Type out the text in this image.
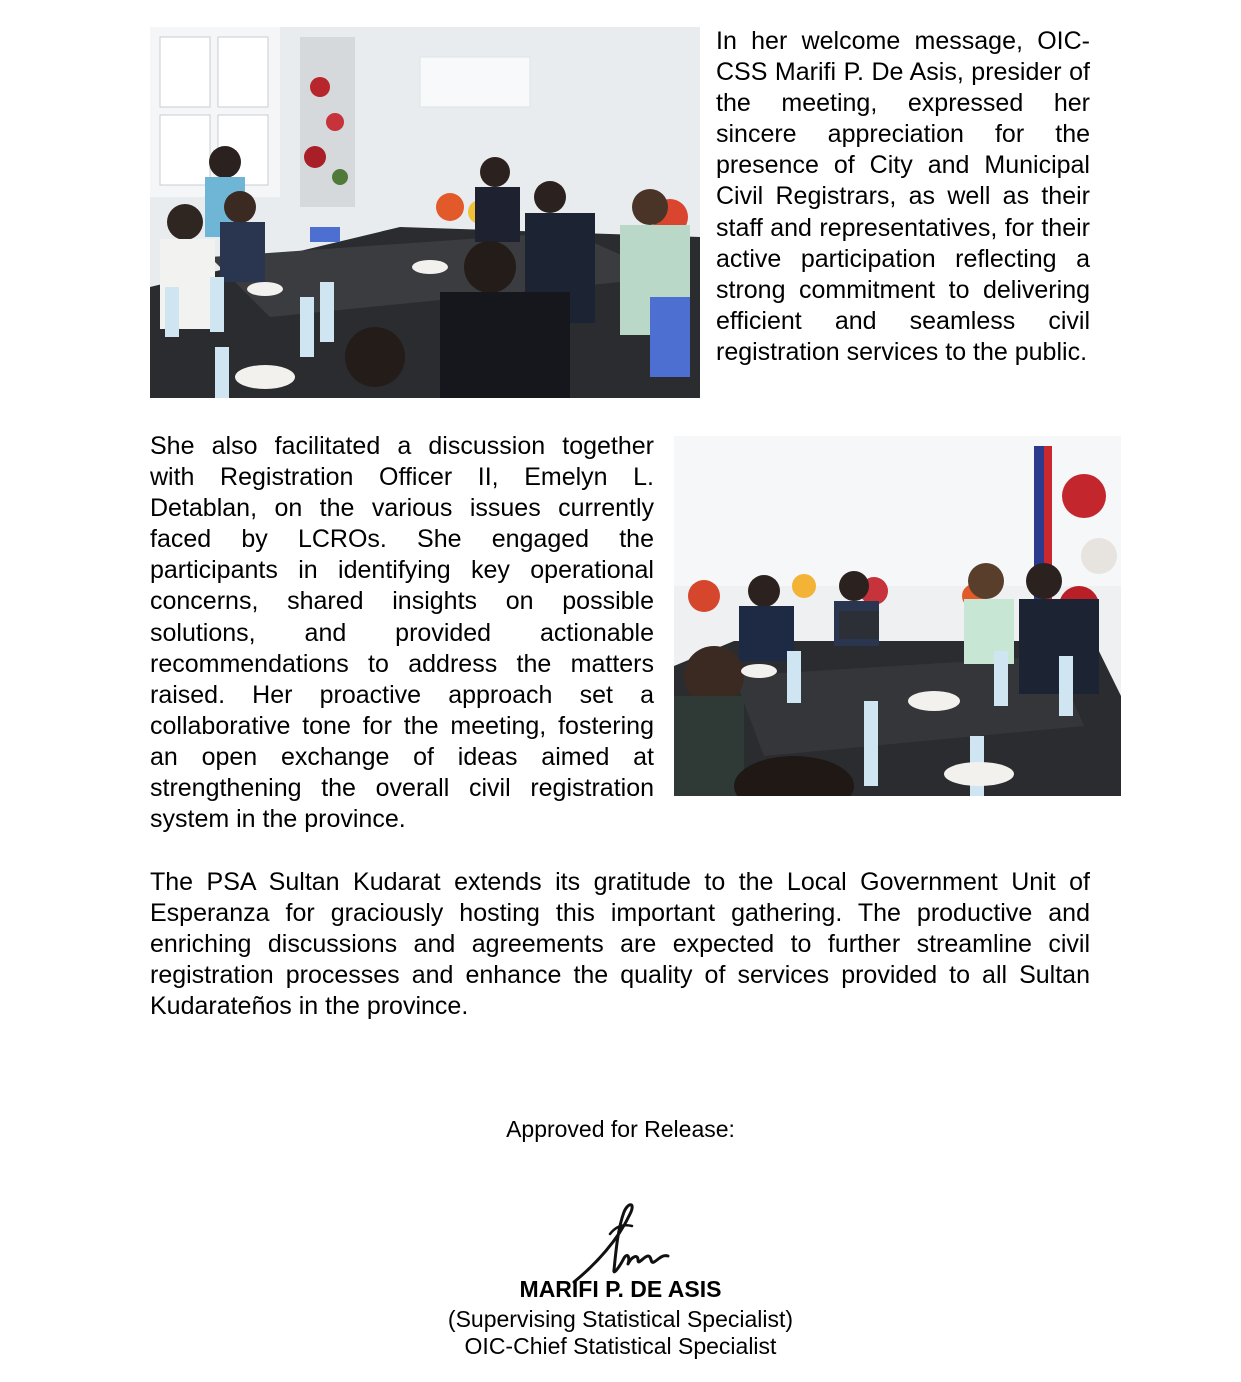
In her welcome message, OIC-CSS Marifi P. De Asis, presider of the meeting, expressed her sincere appreciation for the presence of City and Municipal Civil Registrars, as well as their staff and representatives, for their active participation reflecting a strong commitment to delivering efficient and seamless civil registration services to the public.

She also facilitated a discussion together with Registration Officer II, Emelyn L. Detablan, on the various issues currently faced by LCROs. She engaged the participants in identifying key operational concerns, shared insights on possible solutions, and provided actionable recommendations to address the matters raised. Her proactive approach set a collaborative tone for the meeting, fostering an open exchange of ideas aimed at strengthening the overall civil registration system in the province.

The PSA Sultan Kudarat extends its gratitude to the Local Government Unit of Esperanza for graciously hosting this important gathering. The productive and enriching discussions and agreements are expected to further streamline civil registration processes and enhance the quality of services provided to all Sultan Kudarateños in the province.

Approved for Release:
MARIFI P. DE ASIS
(Supervising Statistical Specialist)
OIC-Chief Statistical Specialist
